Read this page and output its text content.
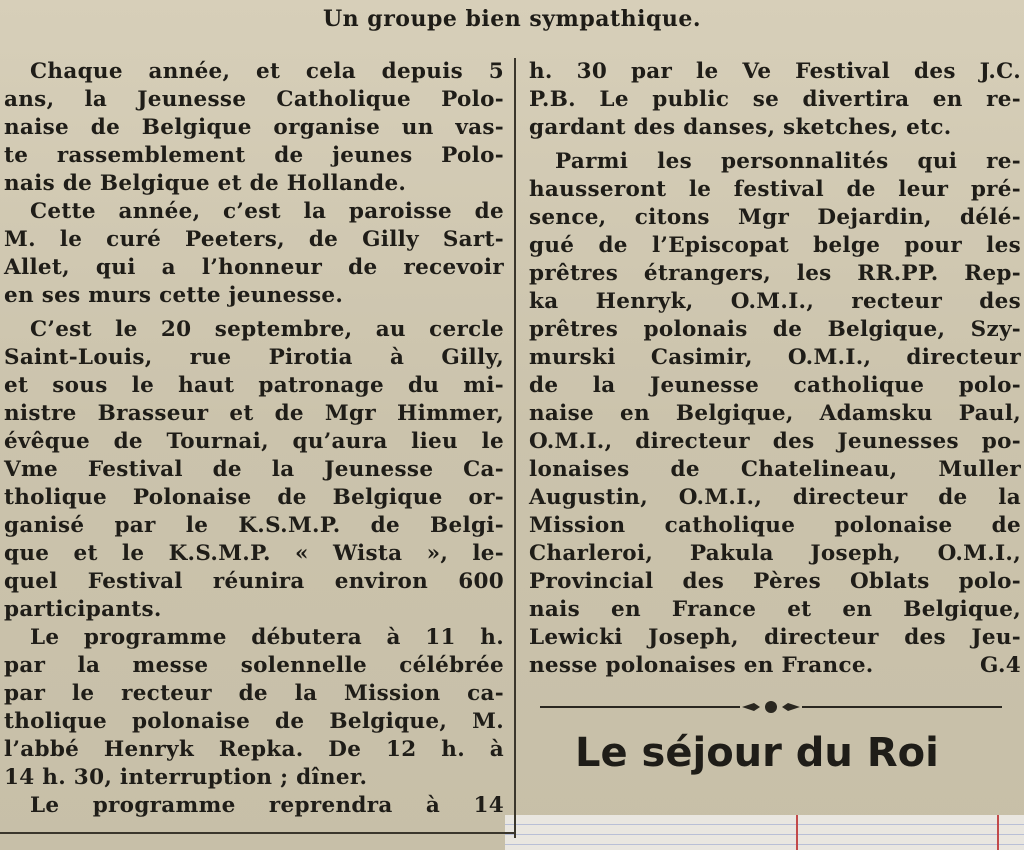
Un groupe bien sympathique.
Chaque année, et cela depuis 5
ans, la Jeunesse Catholique Polo-
naise de Belgique organise un vas-
te rassemblement de jeunes Polo-
nais de Belgique et de Hollande.
Cette année, c’est la paroisse de
M. le curé Peeters, de Gilly Sart-
Allet, qui a l’honneur de recevoir
en ses murs cette jeunesse.
C’est le 20 septembre, au cercle
Saint-Louis, rue Pirotia à Gilly,
et sous le haut patronage du mi-
nistre Brasseur et de Mgr Himmer,
évêque de Tournai, qu’aura lieu le
Vme Festival de la Jeunesse Ca-
tholique Polonaise de Belgique or-
ganisé par le K.S.M.P. de Belgi-
que et le K.S.M.P. « Wista », le-
quel Festival réunira environ 600
participants.
Le programme débutera à 11 h.
par la messe solennelle célébrée
par le recteur de la Mission ca-
tholique polonaise de Belgique, M.
l’abbé Henryk Repka. De 12 h. à
14 h. 30, interruption ; dîner.
Le programme reprendra à 14
h. 30 par le Ve Festival des J.C.
P.B. Le public se divertira en re-
gardant des danses, sketches, etc.
Parmi les personnalités qui re-
hausseront le festival de leur pré-
sence, citons Mgr Dejardin, délé-
gué de l’Episcopat belge pour les
prêtres étrangers, les RR.PP. Rep-
ka Henryk, O.M.I., recteur des
prêtres polonais de Belgique, Szy-
murski Casimir, O.M.I., directeur
de la Jeunesse catholique polo-
naise en Belgique, Adamsku Paul,
O.M.I., directeur des Jeunesses po-
lonaises de Chatelineau, Muller
Augustin, O.M.I., directeur de la
Mission catholique polonaise de
Charleroi, Pakula Joseph, O.M.I.,
Provincial des Pères Oblats polo-
nais en France et en Belgique,
Lewicki Joseph, directeur des Jeu-
nesse polonaises en France.	G.4
Le séjour du Roi
